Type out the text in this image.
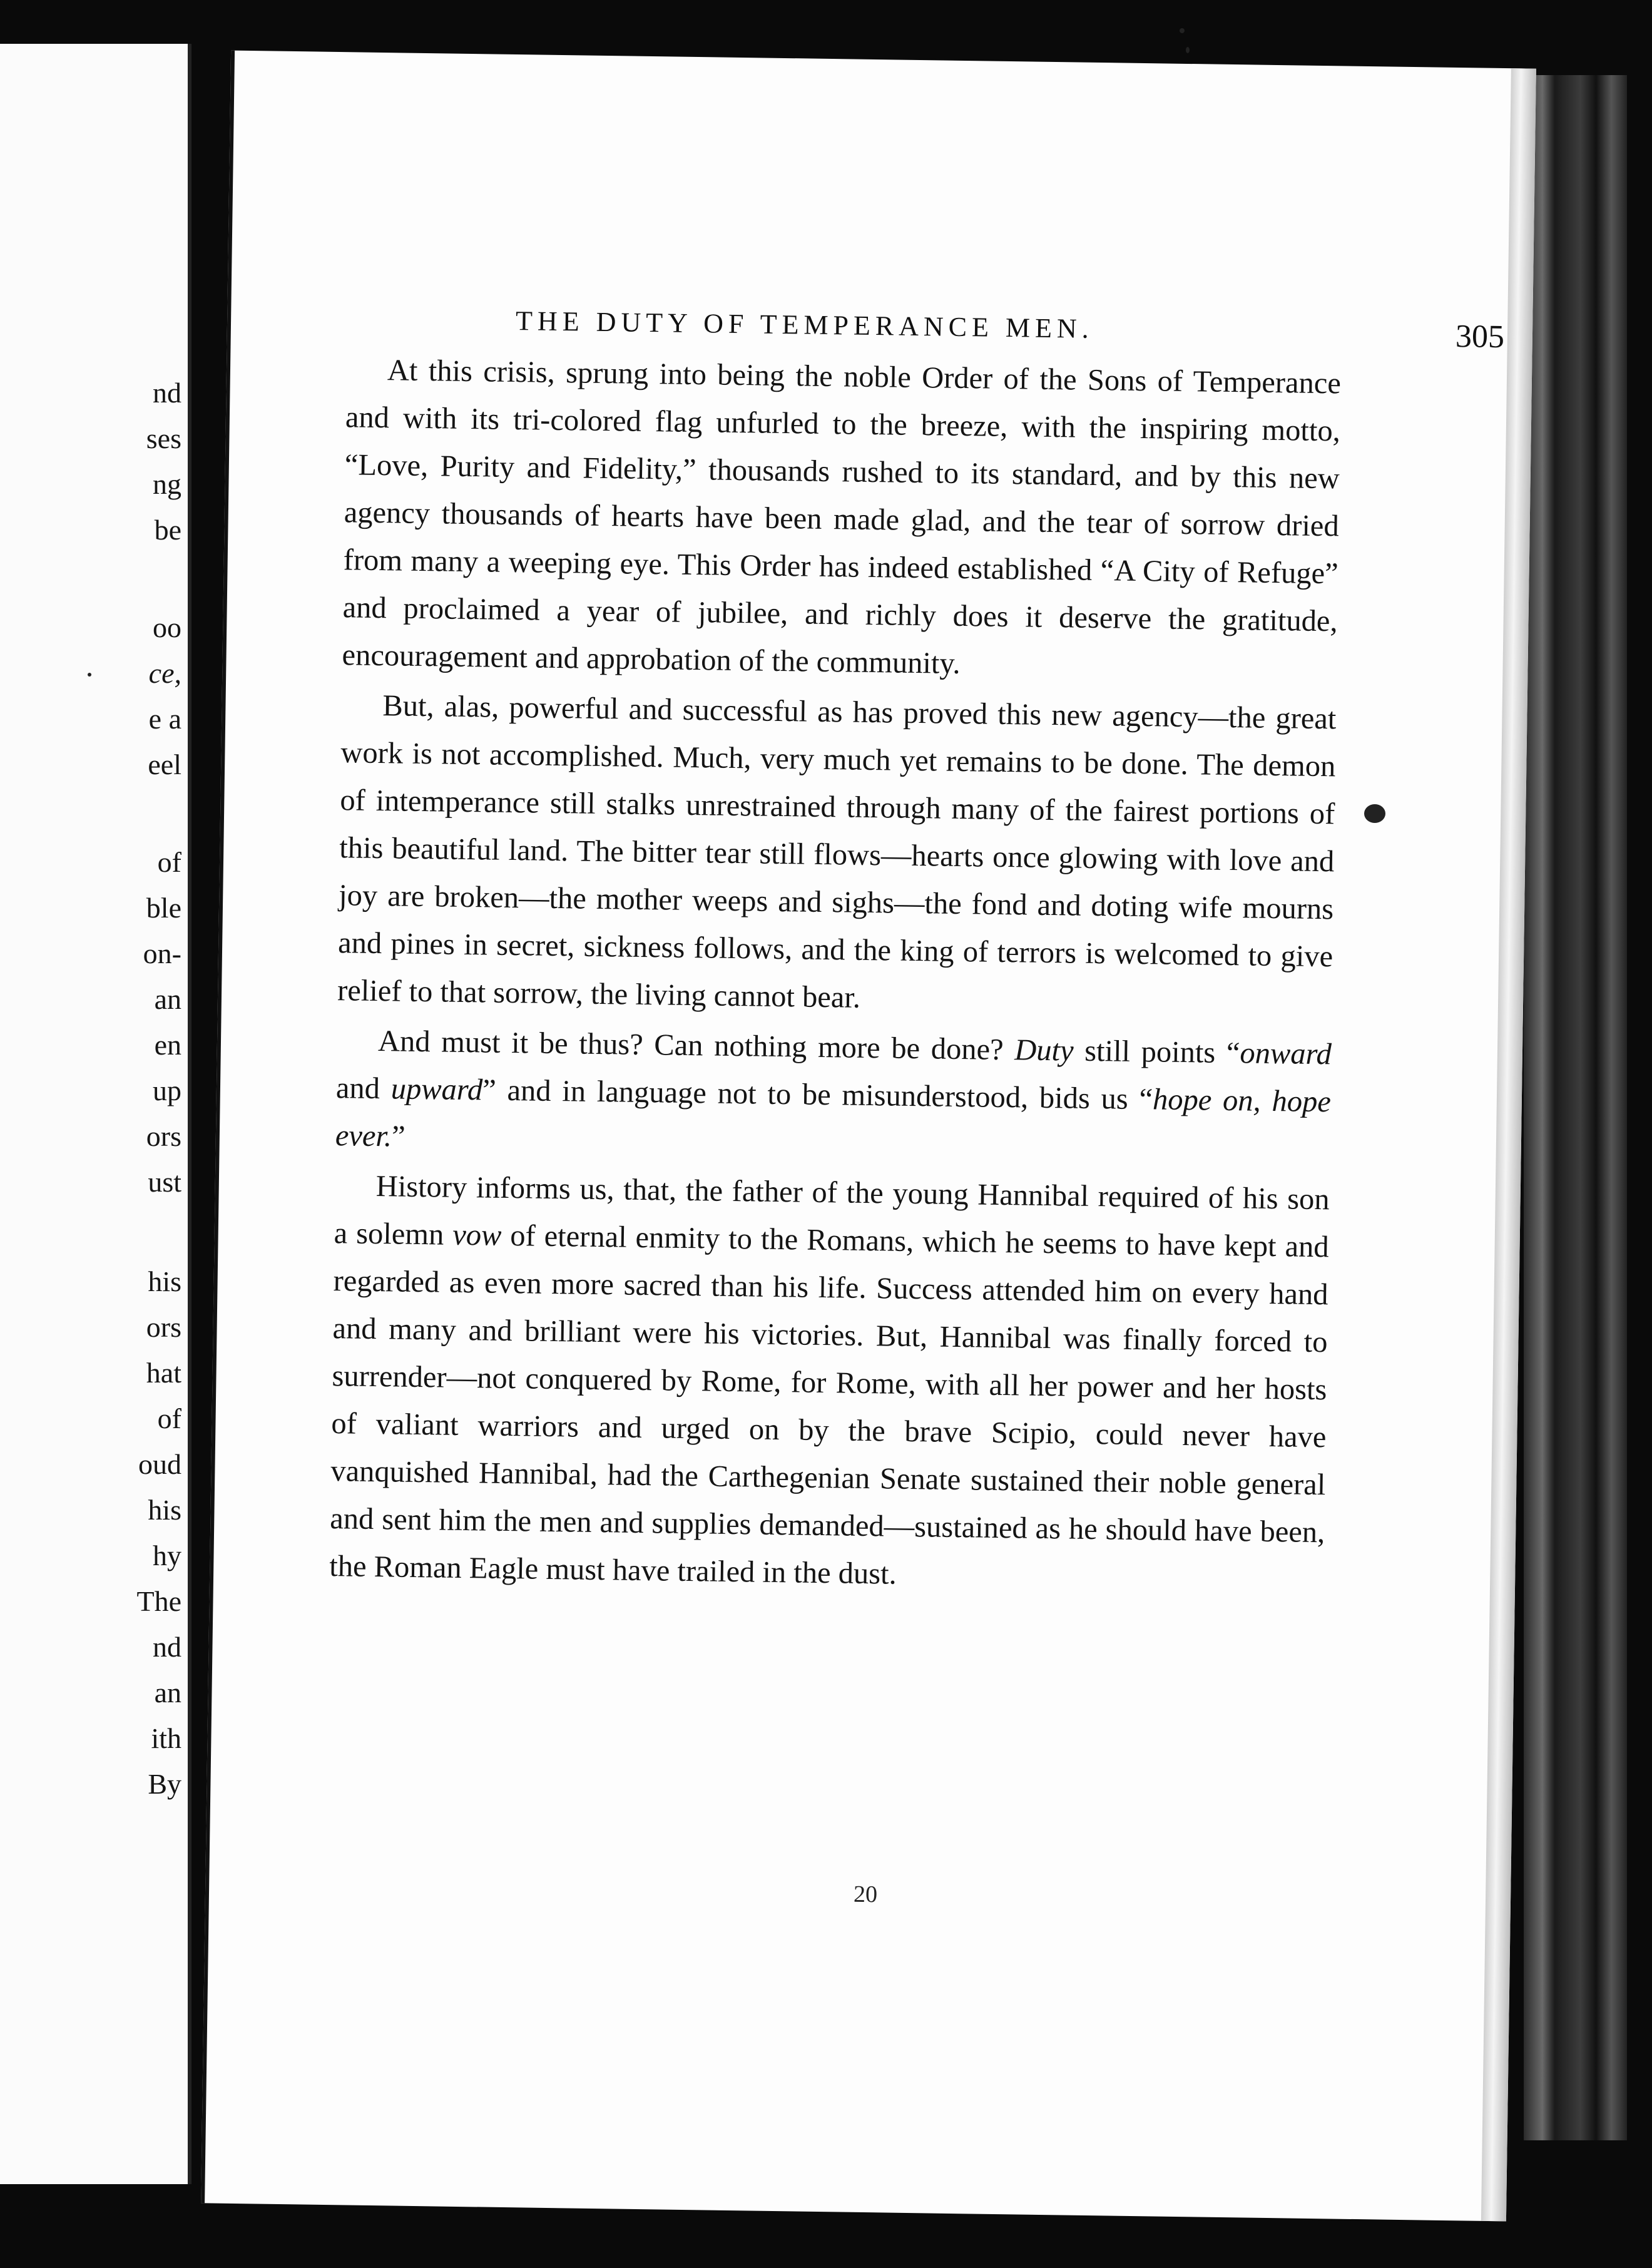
nd
ses
ng
be
oo
ce,
e a
eel
of
ble
on-
an
en
up
ors
ust
his
ors
hat
of
oud
his
hy
The
nd
an
ith
By
THE DUTY OF TEMPERANCE MEN.	305

At this crisis, sprung into being the noble Order of the Sons of Temperance and with its tri-colored flag unfurled to the breeze, with the inspiring motto, “Love, Purity and Fidelity,” thousands rushed to its standard, and by this new agency thousands of hearts have been made glad, and the tear of sorrow dried from many a weeping eye. This Order has indeed established “A City of Refuge” and proclaimed a year of jubilee, and richly does it deserve the gratitude, encouragement and approbation of the community.

But, alas, powerful and successful as has proved this new agency—the great work is not accomplished. Much, very much yet remains to be done. The demon of intemperance still stalks unrestrained through many of the fairest portions of this beautiful land. The bitter tear still flows—hearts once glowing with love and joy are broken—the mother weeps and sighs—the fond and doting wife mourns and pines in secret, sickness follows, and the king of terrors is welcomed to give relief to that sorrow, the living cannot bear.

And must it be thus? Can nothing more be done? Duty still points “onward and upward” and in language not to be misunderstood, bids us “hope on, hope ever.”

History informs us, that, the father of the young Hannibal required of his son a solemn vow of eternal enmity to the Romans, which he seems to have kept and regarded as even more sacred than his life. Success attended him on every hand and many and brilliant were his victories. But, Hannibal was finally forced to surrender—not conquered by Rome, for Rome, with all her power and her hosts of valiant warriors and urged on by the brave Scipio, could never have vanquished Hannibal, had the Carthegenian Senate sustained their noble general and sent him the men and supplies demanded—sustained as he should have been, the Roman Eagle must have trailed in the dust.

20
